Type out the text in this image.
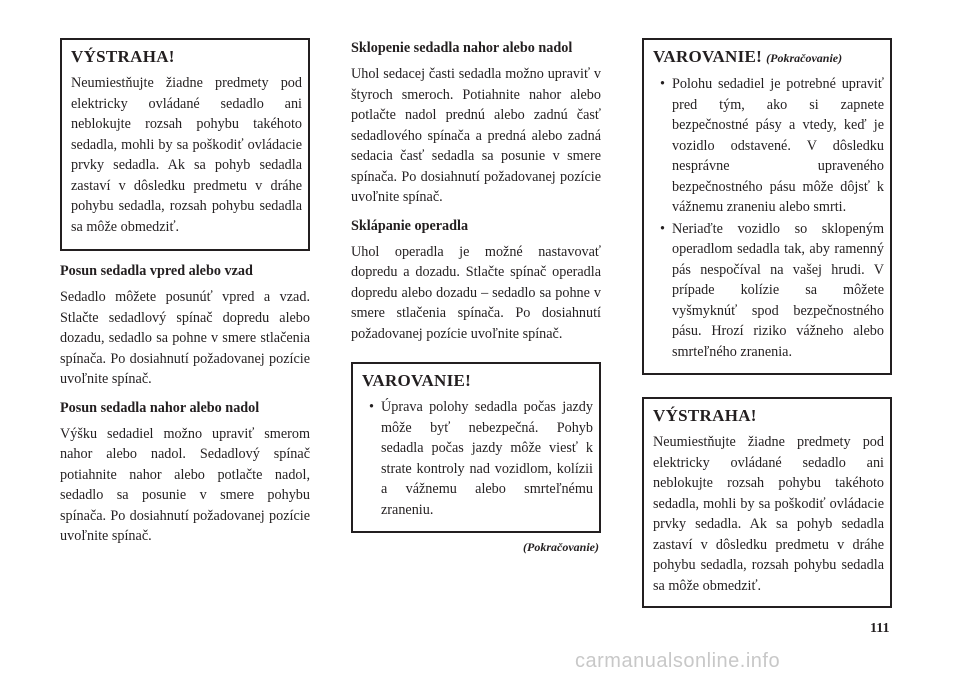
VÝSTRAHA!

Neumiestňujte žiadne predmety pod elektricky ovládané sedadlo ani neblokujte rozsah pohybu takéhoto sedadla, mohli by sa poškodiť ovládacie prvky sedadla. Ak sa pohyb sedadla zastaví v dôsledku predmetu v dráhe pohybu sedadla, rozsah pohybu sedadla sa môže obmedziť.

Posun sedadla vpred alebo vzad

Sedadlo môžete posunúť vpred a vzad. Stlačte sedadlový spínač dopredu alebo dozadu, sedadlo sa pohne v smere stlačenia spínača. Po dosiahnutí požadovanej pozície uvoľnite spínač.

Posun sedadla nahor alebo nadol

Výšku sedadiel možno upraviť smerom nahor alebo nadol. Sedadlový spínač potiahnite nahor alebo potlačte nadol, sedadlo sa posunie v smere pohybu spínača. Po dosiahnutí požadovanej pozície uvoľnite spínač.

Sklopenie sedadla nahor alebo nadol

Uhol sedacej časti sedadla možno upraviť v štyroch smeroch. Potiahnite nahor alebo potlačte nadol prednú alebo zadnú časť sedadlového spínača a predná alebo zadná sedacia časť sedadla sa posunie v smere spínača. Po dosiahnutí požadovanej pozície uvoľnite spínač.

Sklápanie operadla

Uhol operadla je možné nastavovať dopredu a dozadu. Stlačte spínač operadla dopredu alebo dozadu – sedadlo sa pohne v smere stlačenia spínača. Po dosiahnutí požadovanej pozície uvoľnite spínač.

VAROVANIE!
• Úprava polohy sedadla počas jazdy môže byť nebezpečná. Pohyb sedadla počas jazdy môže viesť k strate kontroly nad vozidlom, kolízii a vážnemu alebo smrteľnému zraneniu.
(Pokračovanie)
VAROVANIE! (Pokračovanie)
• Polohu sedadiel je potrebné upraviť pred tým, ako si zapnete bezpečnostné pásy a vtedy, keď je vozidlo odstavené. V dôsledku nesprávne upraveného bezpečnostného pásu môže dôjsť k vážnemu zraneniu alebo smrti.
• Neriaďte vozidlo so sklopeným operadlom sedadla tak, aby ramenný pás nespočíval na vašej hrudi. V prípade kolízie sa môžete vyšmyknúť spod bezpečnostného pásu. Hrozí riziko vážneho alebo smrteľného zranenia.
VÝSTRAHA!

Neumiestňujte žiadne predmety pod elektricky ovládané sedadlo ani neblokujte rozsah pohybu takéhoto sedadla, mohli by sa poškodiť ovládacie prvky sedadla. Ak sa pohyb sedadla zastaví v dôsledku predmetu v dráhe pohybu sedadla, rozsah pohybu sedadla sa môže obmedziť.

111
carmanualsonline.info
